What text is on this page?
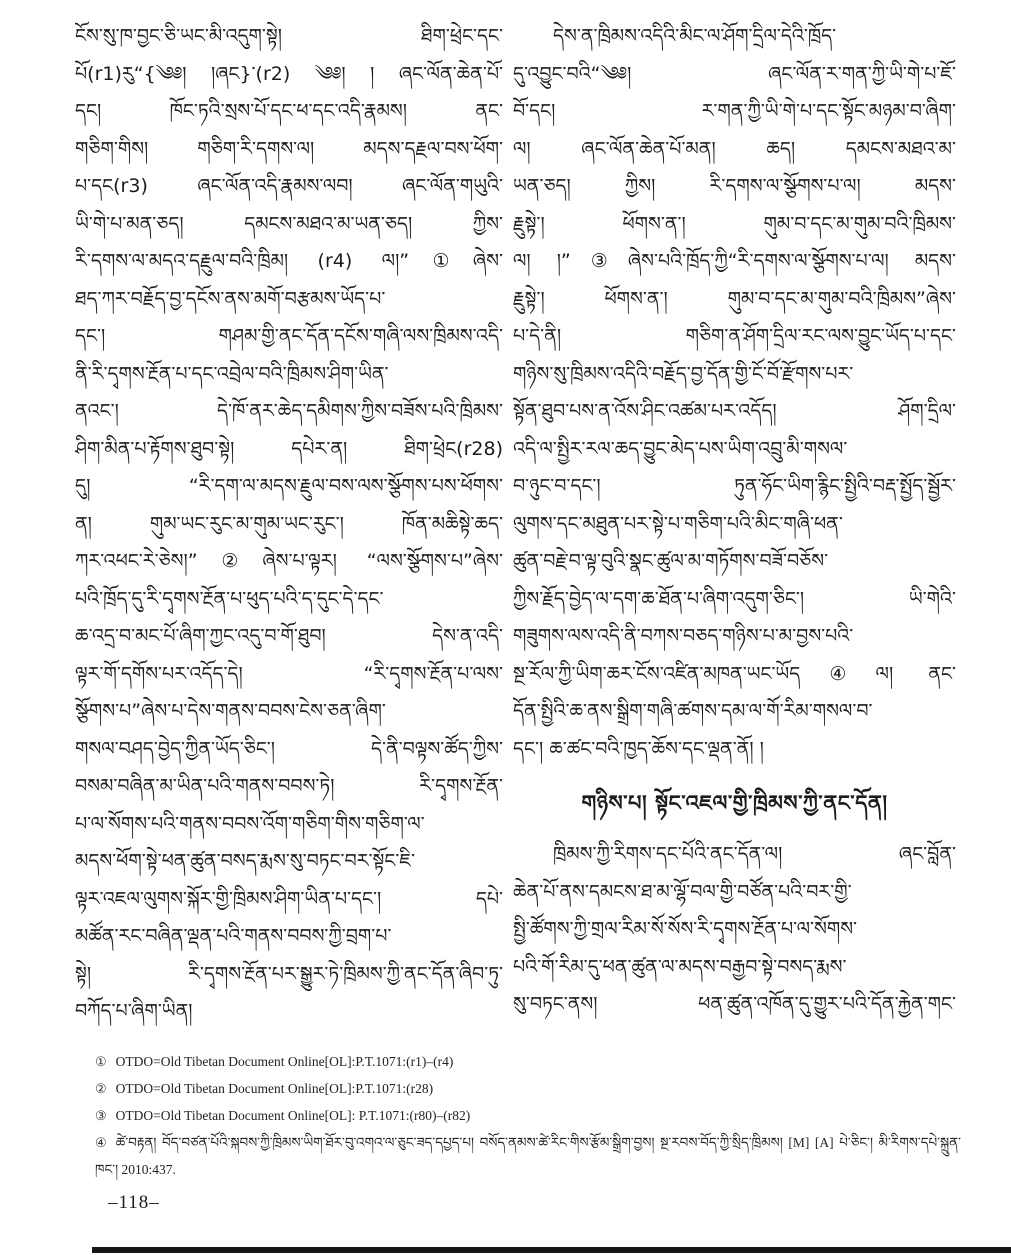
ངོས་སུ་ཁ་བྱང་ཅི་ཡང་མི་འདུག་སྟེ། ཐིག་ཕྲེང་དང་
པོ(r1)རུ“{༄༅། །ཞང}་(r2) ༄༅། ། ཞང་ལོན་ཆེན་པོ་
དང། ཁོང་ཏའི་སྲས་པོ་དང་ཕ་དང་འདི་རྣམས། ནང་
གཅིག་གིས། གཅིག་རི་དགས་ལ། མདས་དརྗལ་བས་ཕོག་
པ་དང(r3) ཞང་ལོན་འདི་རྣམས་ལབ། ཞང་ལོན་གཡུའི་
ཡི་གེ་པ་མན་ཅད། དམངས་མཐའ་མ་ཡན་ཅད། ཀྱིས་
རི་དགས་ལ་མདའ་དརྗུལ་བའི་ཁྲིམ། (r4) ལ།”①ཞེས་
ཐད་ཀར་བརྗོད་བྱ་དངོས་ནས་མགོ་བརྩམས་ཡོད་པ་
དང་། གཤམ་གྱི་ནང་དོན་དངོས་གཞི་ལས་ཁྲིམས་འདི་
ནི་རི་དྭགས་རྔོན་པ་དང་འབྲེལ་བའི་ཁྲིམས་ཤིག་ཡིན་
ནའང་། དེ་ཁོ་ནར་ཆེད་དམིགས་ཀྱིས་བཟོས་པའི་ཁྲིམས་
ཤིག་མིན་པ་རྟོགས་ཐུབ་སྟེ། དཔེར་ན། ཐིག་ཕྲེང(r28)
དུ། “རི་དག་ལ་མདས་རྗུལ་བས་ལས་སྩོགས་པས་ཕོགས་
ན། གུམ་ཡང་རུང་མ་གུམ་ཡང་རུང་། ཁོན་མཆིསྟེ་ཆད་
ཀར་འཕང་རེ་ཅེས།”②ཞེས་པ་ལྟར། “ལས་སྩོགས་པ”ཞེས་
པའི་ཁྲོད་དུ་རི་དྭགས་རྔོན་པ་ཕུད་པའི་ད་དུང་དེ་དང་
ཆ་འདྲ་བ་མང་པོ་ཞིག་ཀྱང་འདུ་བ་གོ་ཐུབ། དེས་ན་འདི་
ལྟར་གོ་དགོས་པར་འདོད་དེ། “རི་དྭགས་རྔོན་པ་ལས་
སྩོགས་པ”ཞེས་པ་དེས་གནས་བབས་ངེས་ཅན་ཞིག་
གསལ་བཤད་བྱེད་ཀྱིན་ཡོད་ཅིང་། དེ་ནི་བལྟས་ཚོད་ཀྱིས་
བསམ་བཞིན་མ་ཡིན་པའི་གནས་བབས་ཏེ། རི་དྭགས་རྔོན་
པ་ལ་སོགས་པའི་གནས་བབས་འོག་གཅིག་གིས་གཅིག་ལ་
མདས་ཕོག་སྟེ་ཕན་ཚུན་བསད་རྨས་སུ་བཏང་བར་སྟོང་ཇི་
ལྟར་འཇལ་ལུགས་སྐོར་གྱི་ཁྲིམས་ཤིག་ཡིན་པ་དང་། དཔེ་
མཚོན་རང་བཞིན་ལྡན་པའི་གནས་བབས་ཀྱི་བྲག་པ་
སྟེ། རི་དྭགས་རྔོན་པར་སྒྱུར་ཏེ་ཁྲིམས་ཀྱི་ནང་དོན་ཞིབ་ཏུ་
བཀོད་པ་ཞིག་ཡིན།
དེས་ན་ཁྲིམས་འདིའི་མིང་ལ་ཤོག་དྲིལ་དེའི་ཁྲོད་
དུ་འབྱུང་བའི“༄༅། ཞང་ལོན་ར་གན་ཀྱི་ཡི་གེ་པ་ཇོ་
བོ་དང། ར་གན་ཀྱི་ཡི་གེ་པ་དང་སྟོང་མཉམ་བ་ཞིག་
ལ། ཞང་ལོན་ཆེན་པོ་མན། ཆད། དམངས་མཐའ་མ་
ཡན་ཅད། ཀྱིས། རི་དགས་ལ་སྩོགས་པ་ལ། མདས་
རྗུསྟེ་། ཕོགས་ན་། གུམ་བ་དང་མ་གུམ་བའི་ཁྲིམས་
ལ། །”③ཞེས་པའི་ཁྲོད་ཀྱི“རི་དགས་ལ་སྩོགས་པ་ལ། མདས་
རྗུསྟེ་། ཕོགས་ན་། གུམ་བ་དང་མ་གུམ་བའི་ཁྲིམས”ཞེས་
པ་དེ་ནི། གཅིག་ན་ཤོག་དྲིལ་རང་ལས་བྱུང་ཡོད་པ་དང་
གཉིས་སུ་ཁྲིམས་འདིའི་བརྗོད་བྱ་དོན་གྱི་ངོ་བོ་རྫོགས་པར་
སྟོན་ཐུབ་པས་ན་འོས་ཤིང་འཚམ་པར་འདོད། ཤོག་དྲིལ་
འདི་ལ་སྤྱིར་རལ་ཆད་བྱུང་མེད་པས་ཡིག་འབྲུ་མི་གསལ་
བ་ཉུང་བ་དང་། ཏུན་ཧོང་ཡིག་རྙིང་སྤྱིའི་བརྡ་སྤྱོད་སྦྱོར་
ལུགས་དང་མཐུན་པར་སྟེ་པ་གཅིག་པའི་མིང་གཞི་ཕན་
ཚུན་བརྗེ་བ་ལྟ་བུའི་སྣང་ཚུལ་མ་གཏོགས་བཟོ་བཅོས་
ཀྱིས་རྗོད་བྱེད་ལ་དག་ཆ་ཐོན་པ་ཞིག་འདུག་ཅིང་། ཡི་གེའི་
གཟུགས་ལས་འདི་ནི་བཀས་བཅད་གཉིས་པ་མ་བྱས་པའི་
སྔ་རོལ་ཀྱི་ཡིག་ཆར་ངོས་འཛིན་མཁན་ཡང་ཡོད④ལ། ནང་
དོན་སྤྱིའི་ཆ་ནས་སྒྲིག་གཞི་ཚགས་དམ་ལ་གོ་རིམ་གསལ་བ་
དང་། ཆ་ཚང་བའི་ཁྱད་ཆོས་དང་ལྡན་ནོ། །
གཉིས་པ། སྟོང་འཇལ་གྱི་ཁྲིམས་ཀྱི་ནང་དོན།
ཁྲིམས་ཀྱི་རིགས་དང་པོའི་ནང་དོན་ལ། ཞང་བློན་
ཆེན་པོ་ནས་དམངས་ཐ་མ་ལྷོ་བལ་གྱི་བཙོན་པའི་བར་གྱི་
སྤྱི་ཚོགས་ཀྱི་གྲལ་རིམ་སོ་སོས་རི་དྭགས་རྔོན་པ་ལ་སོགས་
པའི་གོ་རིམ་དུ་ཕན་ཚུན་ལ་མདས་བརྒྱབ་སྟེ་བསད་རྨས་
སུ་བཏང་ནས། ཕན་ཚུན་འཁོན་དུ་གྱུར་པའི་དོན་རྐྱེན་གང་
① OTDO=Old Tibetan Document Online[OL]:P.T.1071:(r1)–(r4)
② OTDO=Old Tibetan Document Online[OL]:P.T.1071:(r28)
③ OTDO=Old Tibetan Document Online[OL]: P.T.1071:(r80)–(r82)
④ ཚེ་བརྟན། བོད་བཙན་པོའི་སྐབས་ཀྱི་ཁྲིམས་ཡིག་ཐོར་བུ་འགའ་ལ་ཅུང་ཟད་དཔྱད་པ། བསོད་ནམས་ཚེ་རིང་གིས་རྩོམ་སྒྲིག་བྱས། སྔ་རབས་བོད་ཀྱི་སྲིད་ཁྲིམས། [M] [A] པེ་ཅིང་། མི་རིགས་དཔེ་སྐྲུན་ཁང་། 2010:437.
–118–
